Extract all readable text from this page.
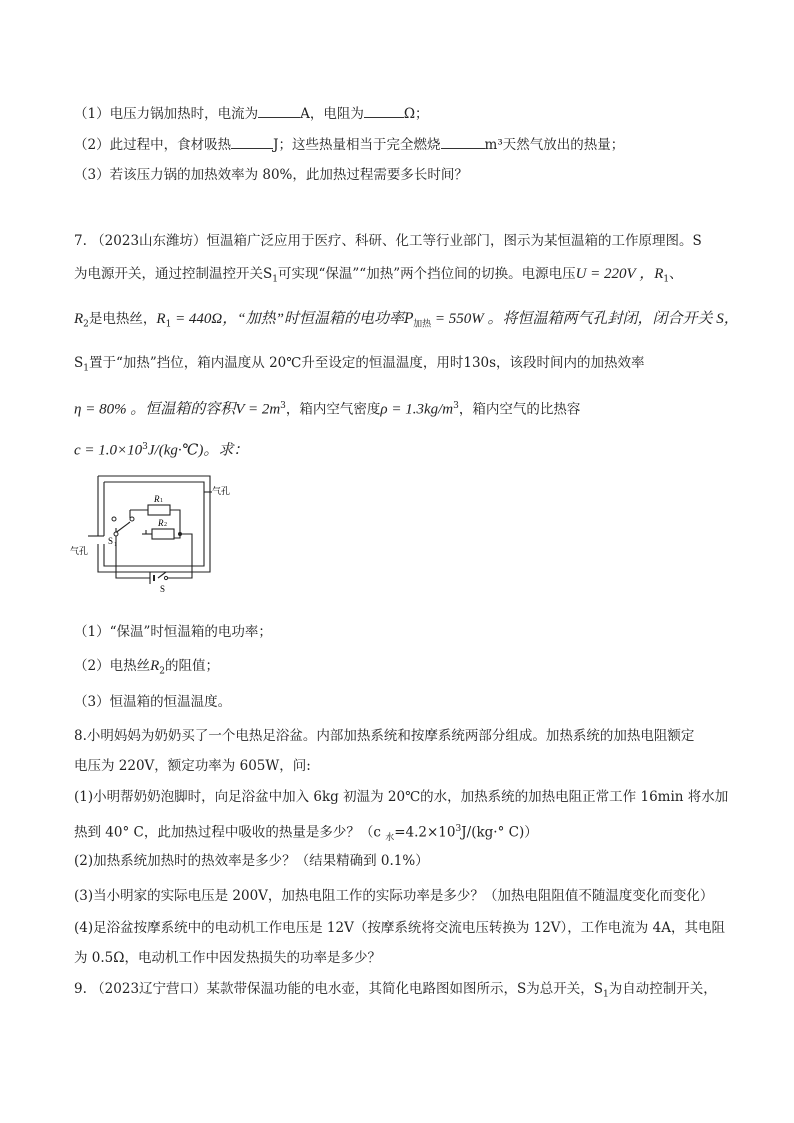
（1）电压力锅加热时，电流为	A，电阻为	Ω；
（2）此过程中，食材吸热	J；这些热量相当于完全燃烧	m³天然气放出的热量；
（3）若该压力锅的加热效率为 80%，此加热过程需要多长时间？
7. （2023山东潍坊）恒温箱广泛应用于医疗、科研、化工等行业部门，图示为某恒温箱的工作原理图。S
为电源开关，通过控制温控开关$S_1$可实现“保温”“加热”两个挡位间的切换。电源电压U = 220V ，$R_1$、
$R_2$是电热丝，$R_1 = 440\Omega$，“加热”时恒温箱的电功率$P_{加热} = 550W$ 。将恒温箱两气孔封闭，闭合开关 S，
$S_1$置于“加热”挡位，箱内温度从 20℃升至设定的恒温温度，用时130s，该段时间内的加热效率
η = 80% 。恒温箱的容积$V = 2m^3$，箱内空气密度$\rho = 1.3kg/m^3$，箱内空气的比热容
$c = 1.0\times 10^3J/(kg\cdot℃)$。求：
气孔
气孔
R 1
R 2
S 1
S
（1）“保温”时恒温箱的电功率；
（2）电热丝$R_2$的阻值；
（3）恒温箱的恒温温度。
8.小明妈妈为奶奶买了一个电热足浴盆。内部加热系统和按摩系统两部分组成。加热系统的加热电阻额定
电压为 220V，额定功率为 605W，问:
(1)小明帮奶奶泡脚时，向足浴盆中加入 6kg 初温为 20℃的水，加热系统的加热电阻正常工作 16min 将水加
热到 40° C，此加热过程中吸收的热量是多少？（c $_水=4.2\times 10^3J/(kg\cdot^\circ$ C)）
(2)加热系统加热时的热效率是多少？（结果精确到 0.1%）
(3)当小明家的实际电压是 200V，加热电阻工作的实际功率是多少？（加热电阻阻值不随温度变化而变化）
(4)足浴盆按摩系统中的电动机工作电压是 12V（按摩系统将交流电压转换为 12V），工作电流为 4A，其电阻
为 0.5Ω，电动机工作中因发热损失的功率是多少？
9. （2023辽宁营口）某款带保温功能的电水壶，其简化电路图如图所示，S为总开关，$S_1$为自动控制开关，
